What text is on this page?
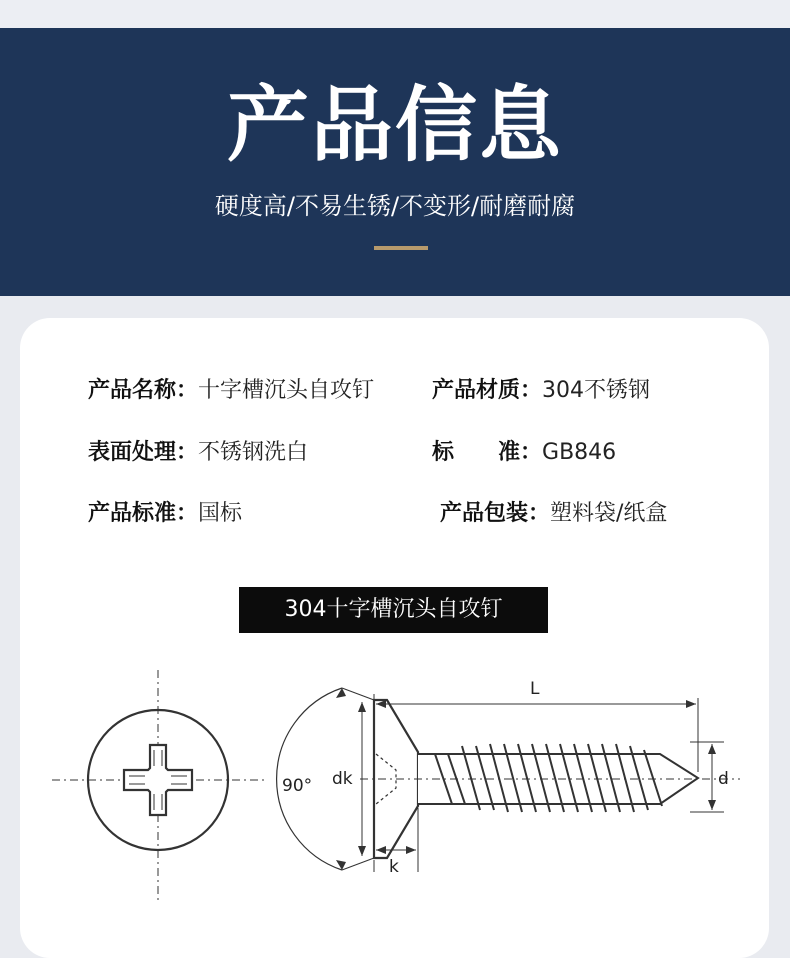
产品信息
硬度高/不易生锈/不变形/耐磨耐腐
产品名称：十字槽沉头自攻钉	产品材质：304不锈钢
表面处理：不锈钢洗白	标　　准：GB846
产品标准：国标	产品包装：塑料袋/纸盒
304十字槽沉头自攻钉
90° dk
L
k
d
